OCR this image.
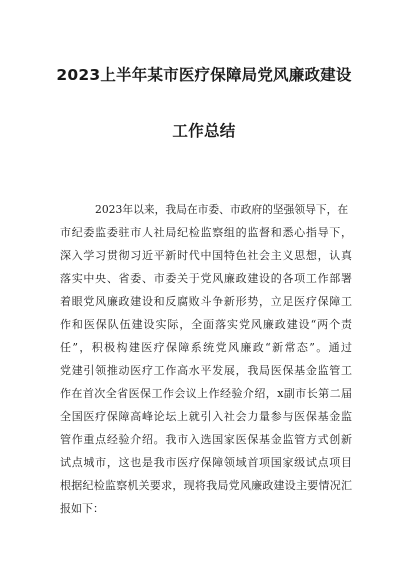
2023上半年某市医疗保障局党风廉政建设
工作总结
2023年以来，我局在市委、市政府的坚强领导下，在
市纪委监委驻市人社局纪检监察组的监督和悉心指导下，
深入学习贯彻习近平新时代中国特色社会主义思想，认真
落实中央、省委、市委关于党风廉政建设的各项工作部署
着眼党风廉政建设和反腐败斗争新形势，立足医疗保障工
作和医保队伍建设实际，全面落实党风廉政建设“两个责
任”，积极构建医疗保障系统党风廉政“新常态”。通过
党建引领推动医疗工作高水平发展，我局医保基金监管工
作在首次全省医保工作会议上作经验介绍，x副市长第二届
全国医疗保障高峰论坛上就引入社会力量参与医保基金监
管作重点经验介绍。我市入选国家医保基金监管方式创新
试点城市，这也是我市医疗保障领域首项国家级试点项目
根据纪检监察机关要求，现将我局党风廉政建设主要情况汇
报如下：
